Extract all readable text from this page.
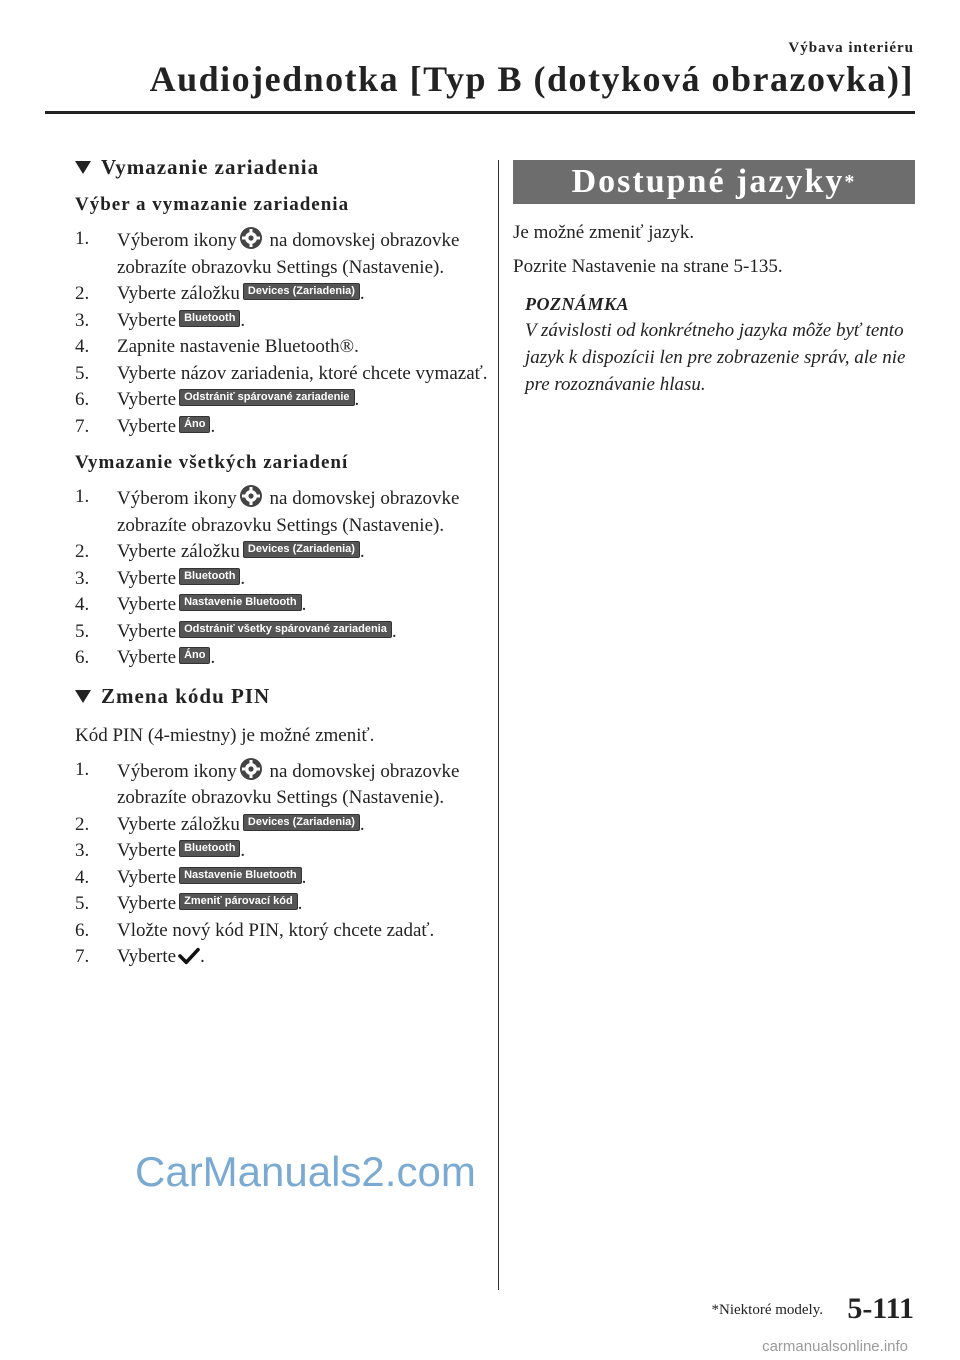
Výbava interiéru
Audiojednotka [Typ B (dotyková obrazovka)]
Vymazanie zariadenia
Výber a vymazanie zariadenia
1. Výberom ikony na domovskej obrazovke zobrazíte obrazovku Settings (Nastavenie).
2. Vyberte záložku Devices (Zariadenia) .
3. Vyberte Bluetooth .
4. Zapnite nastavenie Bluetooth®.
5. Vyberte názov zariadenia, ktoré chcete vymazať.
6. Vyberte Odstrániť spárované zariadenie .
7. Vyberte Áno .
Vymazanie všetkých zariadení
1. Výberom ikony na domovskej obrazovke zobrazíte obrazovku Settings (Nastavenie).
2. Vyberte záložku Devices (Zariadenia) .
3. Vyberte Bluetooth .
4. Vyberte Nastavenie Bluetooth .
5. Vyberte Odstrániť všetky spárované zariadenia .
6. Vyberte Áno .
Zmena kódu PIN
Kód PIN (4-miestny) je možné zmeniť.
1. Výberom ikony na domovskej obrazovke zobrazíte obrazovku Settings (Nastavenie).
2. Vyberte záložku Devices (Zariadenia) .
3. Vyberte Bluetooth .
4. Vyberte Nastavenie Bluetooth .
5. Vyberte Zmeniť párovací kód .
6. Vložte nový kód PIN, ktorý chcete zadať.
7. Vyberte .
Dostupné jazyky *
Je možné zmeniť jazyk.
Pozrite Nastavenie na strane 5-135.
POZNÁMKA
V závislosti od konkrétneho jazyka môže byť tento jazyk k dispozícii len pre zobrazenie správ, ale nie pre rozoznávanie hlasu.
CarManuals2.com
*Niektoré modely. 5-111
carmanualsonline.info
